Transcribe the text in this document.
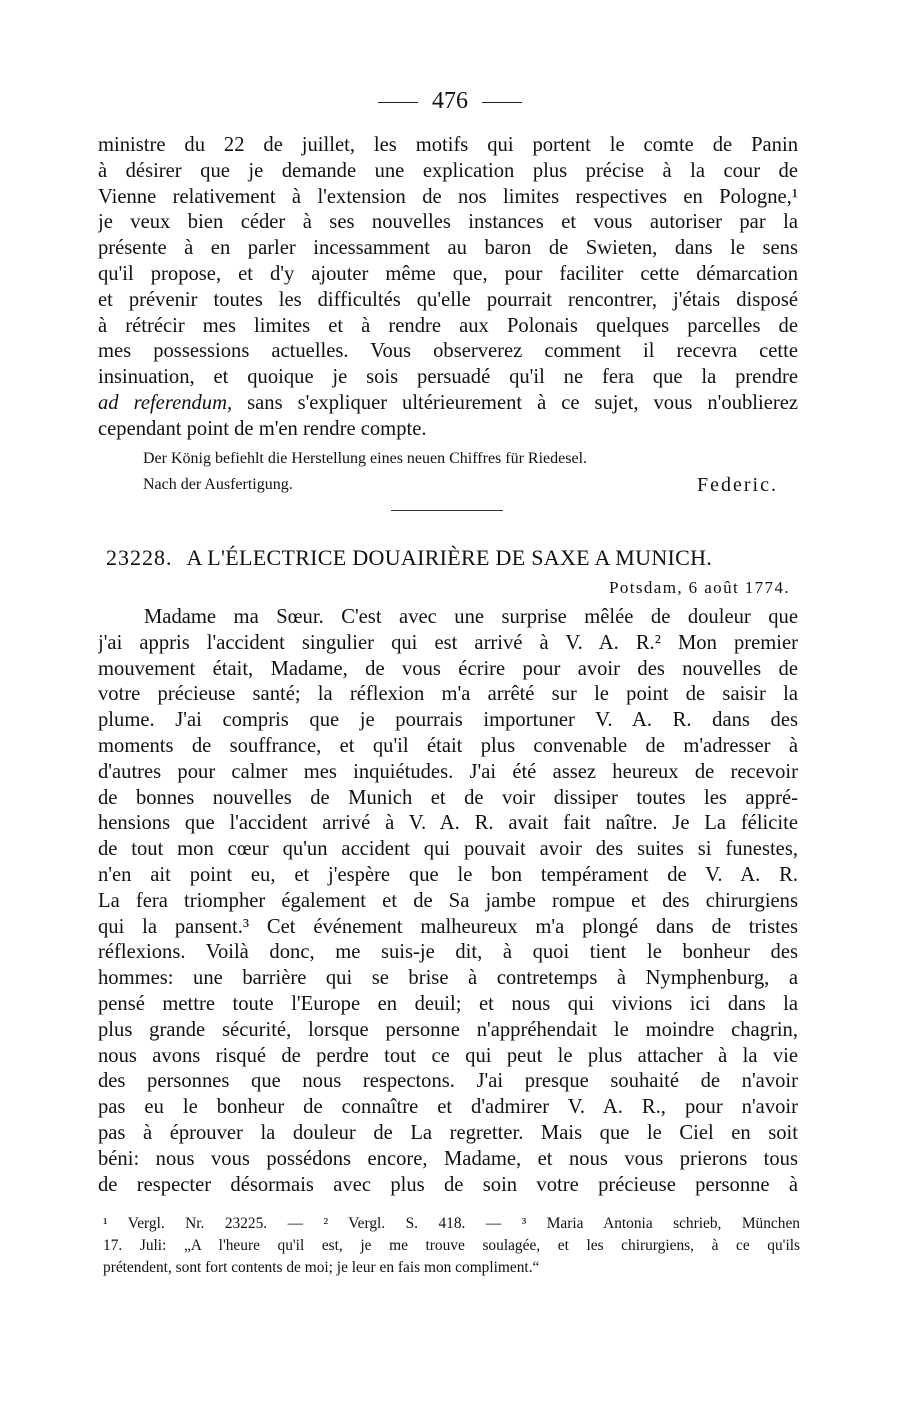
476
ministre du 22 de juillet, les motifs qui portent le comte de Panin
à désirer que je demande une explication plus précise à la cour de
Vienne relativement à l'extension de nos limites respectives en Pologne,¹
je veux bien céder à ses nouvelles instances et vous autoriser par la
présente à en parler incessamment au baron de Swieten, dans le sens
qu'il propose, et d'y ajouter même que, pour faciliter cette démarcation
et prévenir toutes les difficultés qu'elle pourrait rencontrer, j'étais disposé
à rétrécir mes limites et à rendre aux Polonais quelques parcelles de
mes possessions actuelles. Vous observerez comment il recevra cette
insinuation, et quoique je sois persuadé qu'il ne fera que la prendre
ad referendum, sans s'expliquer ultérieurement à ce sujet, vous n'oublierez
cependant point de m'en rendre compte.
Der König befiehlt die Herstellung eines neuen Chiffres für Riedesel.
Nach der Ausfertigung.	Federic.
23228. A L'ÉLECTRICE DOUAIRIÈRE DE SAXE A MUNICH.
Potsdam, 6 août 1774.
Madame ma Sœur. C'est avec une surprise mêlée de douleur que
j'ai appris l'accident singulier qui est arrivé à V. A. R.² Mon premier
mouvement était, Madame, de vous écrire pour avoir des nouvelles de
votre précieuse santé; la réflexion m'a arrêté sur le point de saisir la
plume. J'ai compris que je pourrais importuner V. A. R. dans des
moments de souffrance, et qu'il était plus convenable de m'adresser à
d'autres pour calmer mes inquiétudes. J'ai été assez heureux de recevoir
de bonnes nouvelles de Munich et de voir dissiper toutes les appré-
hensions que l'accident arrivé à V. A. R. avait fait naître. Je La félicite
de tout mon cœur qu'un accident qui pouvait avoir des suites si funestes,
n'en ait point eu, et j'espère que le bon tempérament de V. A. R.
La fera triompher également et de Sa jambe rompue et des chirurgiens
qui la pansent.³ Cet événement malheureux m'a plongé dans de tristes
réflexions. Voilà donc, me suis-je dit, à quoi tient le bonheur des
hommes: une barrière qui se brise à contretemps à Nymphenburg, a
pensé mettre toute l'Europe en deuil; et nous qui vivions ici dans la
plus grande sécurité, lorsque personne n'appréhendait le moindre chagrin,
nous avons risqué de perdre tout ce qui peut le plus attacher à la vie
des personnes que nous respectons. J'ai presque souhaité de n'avoir
pas eu le bonheur de connaître et d'admirer V. A. R., pour n'avoir
pas à éprouver la douleur de La regretter. Mais que le Ciel en soit
béni: nous vous possédons encore, Madame, et nous vous prierons tous
de respecter désormais avec plus de soin votre précieuse personne à
¹ Vergl. Nr. 23225. — ² Vergl. S. 418. — ³ Maria Antonia schrieb, München
17. Juli: „A l'heure qu'il est, je me trouve soulagée, et les chirurgiens, à ce qu'ils
prétendent, sont fort contents de moi; je leur en fais mon compliment.“
